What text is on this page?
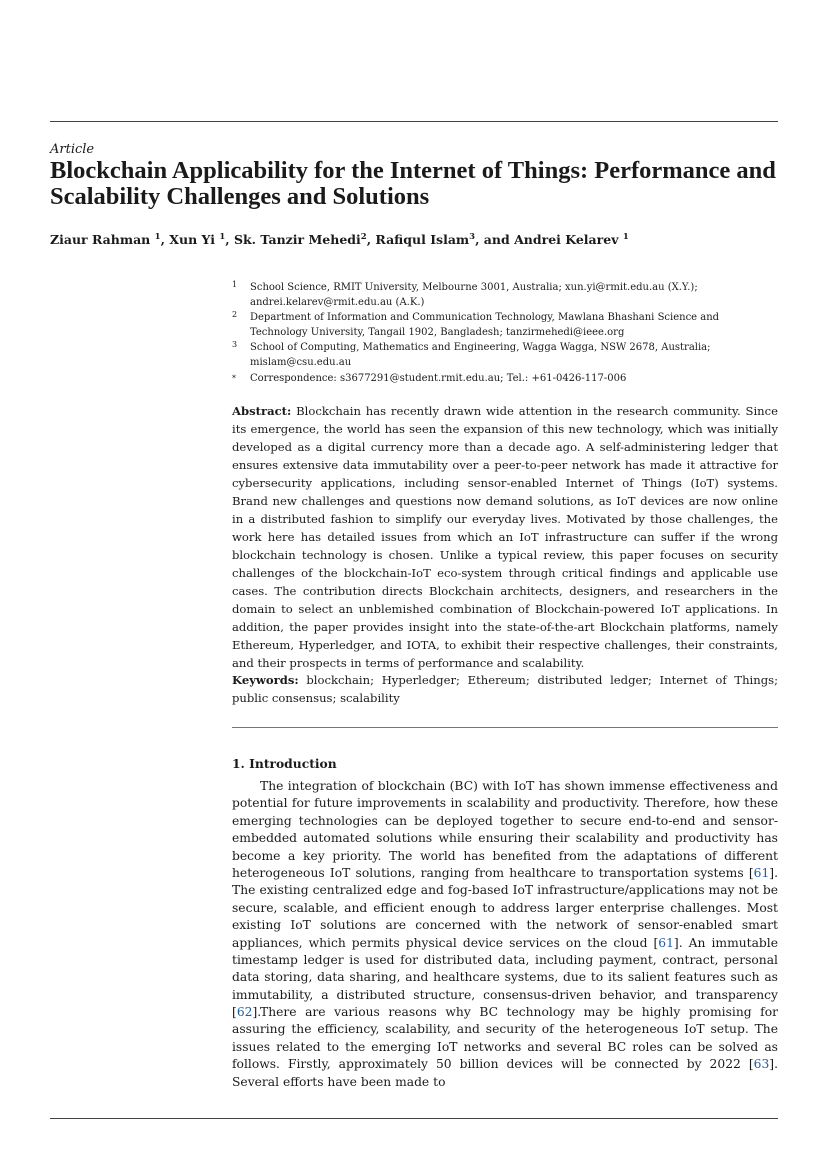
Article
Blockchain Applicability for the Internet of Things: Performance and Scalability Challenges and Solutions
Ziaur Rahman $^1$, Xun Yi $^1$, Sk. Tanzir Mehedi$^2$, Rafiqul Islam$^3$, and Andrei Kelarev $^1$
1 School Science, RMIT University, Melbourne 3001, Australia; xun.yi@rmit.edu.au (X.Y.); andrei.kelarev@rmit.edu.au (A.K.)
2 Department of Information and Communication Technology, Mawlana Bhashani Science and Technology University, Tangail 1902, Bangladesh; tanzirmehedi@ieee.org
3 School of Computing, Mathematics and Engineering, Wagga Wagga, NSW 2678, Australia; mislam@csu.edu.au
* Correspondence: s3677291@student.rmit.edu.au; Tel.: +61-0426-117-006

Abstract: Blockchain has recently drawn wide attention in the research community. Since its emergence, the world has seen the expansion of this new technology, which was initially developed as a digital currency more than a decade ago. A self-administering ledger that ensures extensive data immutability over a peer-to-peer network has made it attractive for cybersecurity applications, including sensor-enabled Internet of Things (IoT) systems. Brand new challenges and questions now demand solutions, as IoT devices are now online in a distributed fashion to simplify our everyday lives. Motivated by those challenges, the work here has detailed issues from which an IoT infrastructure can suffer if the wrong blockchain technology is chosen. Unlike a typical review, this paper focuses on security challenges of the blockchain-IoT eco-system through critical findings and applicable use cases. The contribution directs Blockchain architects, designers, and researchers in the domain to select an unblemished combination of Blockchain-powered IoT applications. In addition, the paper provides insight into the state-of-the-art Blockchain platforms, namely Ethereum, Hyperledger, and IOTA, to exhibit their respective challenges, their constraints, and their prospects in terms of performance and scalability.

Keywords: blockchain; Hyperledger; Ethereum; distributed ledger; Internet of Things; public consensus; scalability

1. Introduction

The integration of blockchain (BC) with IoT has shown immense effectiveness and potential for future improvements in scalability and productivity. Therefore, how these emerging technologies can be deployed together to secure end-to-end and sensor-embedded automated solutions while ensuring their scalability and productivity has become a key priority. The world has benefited from the adaptations of different heterogeneous IoT solutions, ranging from healthcare to transportation systems [61]. The existing centralized edge and fog-based IoT infrastructure/applications may not be secure, scalable, and efficient enough to address larger enterprise challenges. Most existing IoT solutions are concerned with the network of sensor-enabled smart appliances, which permits physical device services on the cloud [61]. An immutable timestamp ledger is used for distributed data, including payment, contract, personal data storing, data sharing, and healthcare systems, due to its salient features such as immutability, a distributed structure, consensus-driven behavior, and transparency [62].

There are various reasons why BC technology may be highly promising for assuring the efficiency, scalability, and security of the heterogeneous IoT setup. The issues related to the emerging IoT networks and several BC roles can be solved as follows. Firstly, approximately 50 billion devices will be connected by 2022 [63]. Several efforts have been made to
